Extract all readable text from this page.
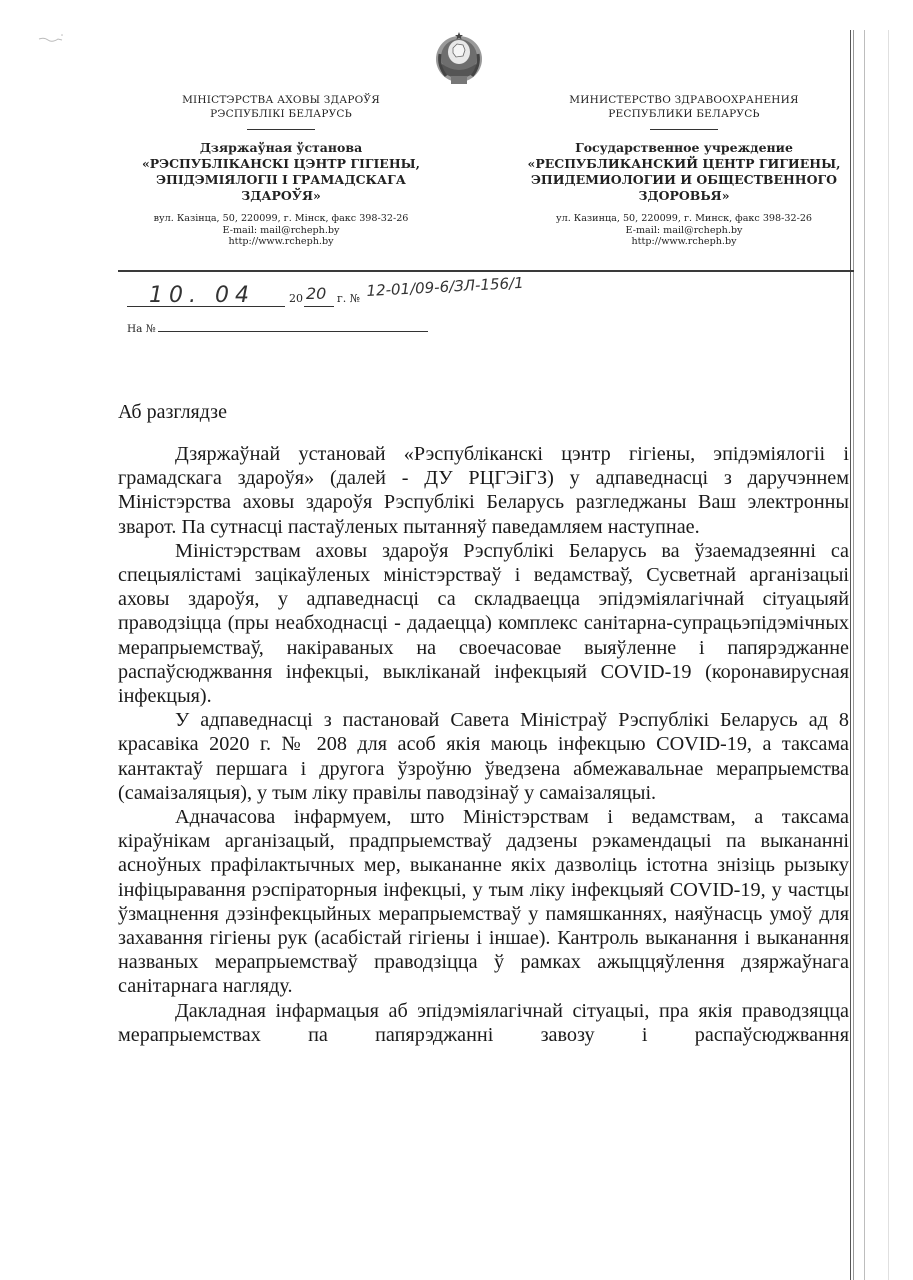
МІНІСТЭРСТВА АХОВЫ ЗДАРОЎЯ
РЭСПУБЛІКІ БЕЛАРУСЬ
Дзяржаўная ўстанова
«РЭСПУБЛІКАНСКІ ЦЭНТР ГІГІЕНЫ,
ЭПІДЭМІЯЛОГІІ І ГРАМАДСКАГА
ЗДАРОЎЯ»
вул. Казінца, 50, 220099, г. Мінск, факс 398-32-26
E-mail: mail@rcheph.by
http://www.rcheph.by
МИНИСТЕРСТВО ЗДРАВООХРАНЕНИЯ
РЕСПУБЛИКИ БЕЛАРУСЬ
Государственное учреждение
«РЕСПУБЛИКАНСКИЙ ЦЕНТР ГИГИЕНЫ,
ЭПИДЕМИОЛОГИИ И ОБЩЕСТВЕННОГО
ЗДОРОВЬЯ»
ул. Казинца, 50, 220099, г. Минск, факс 398-32-26
E-mail: mail@rcheph.by
http://www.rcheph.by
10. 04	20 20 г. № 12-01/09-6/ЗЛ-156/1
На №
Аб разглядзе

Дзяржаўнай установай «Рэспубліканскі цэнтр гігіены, эпідэміялогіі і грамадскага здароўя» (далей - ДУ РЦГЭіГЗ) у адпаведнасці з даручэннем Міністэрства аховы здароўя Рэспублікі Беларусь разгледжаны Ваш электронны зварот. Па сутнасці пастаўленых пытанняў паведамляем наступнае.

Міністэрствам аховы здароўя Рэспублікі Беларусь ва ўзаемадзеянні са спецыялістамі зацікаўленых міністэрстваў і ведамстваў, Сусветнай арганізацыі аховы здароўя, у адпаведнасці са складваецца эпідэміялагічнай сітуацыяй праводзіцца (пры неабходнасці - дадаецца) комплекс санітарна-супрацьэпідэмічных мерапрыемстваў, накіраваных на своечасовае выяўленне і папярэджанне распаўсюджвання інфекцыі, выкліканай інфекцыяй COVID-19 (коронавирусная інфекцыя).

У адпаведнасці з пастановай Савета Міністраў Рэспублікі Беларусь ад 8 красавіка 2020 г. № 208 для асоб якія маюць інфекцыю COVID-19, а таксама кантактаў першага і другога ўзроўню ўведзена абмежавальнае мерапрыемства (самаізаляцыя), у тым ліку правілы паводзінаў у самаізаляцыі.

Адначасова інфармуем, што Міністэрствам і ведамствам, а таксама кіраўнікам арганізацый, прадпрыемстваў дадзены рэкамендацыі па выкананні асноўных прафілактычных мер, выкананне якіх дазволіць істотна знізіць рызыку інфіцыравання рэспіраторныя інфекцыі, у тым ліку інфекцыяй COVID-19, у частцы ўзмацнення дэзінфекцыйных мерапрыемстваў у памяшканнях, наяўнасць умоў для захавання гігіены рук (асабістай гігіены і іншае). Кантроль выканання і выканання названых мерапрыемстваў праводзіцца ў рамках ажыццяўлення дзяржаўнага санітарнага нагляду.

Дакладная інфармацыя аб эпідэміялагічнай сітуацыі, пра якія праводзяцца мерапрыемствах па папярэджанні завозу і распаўсюджвання
